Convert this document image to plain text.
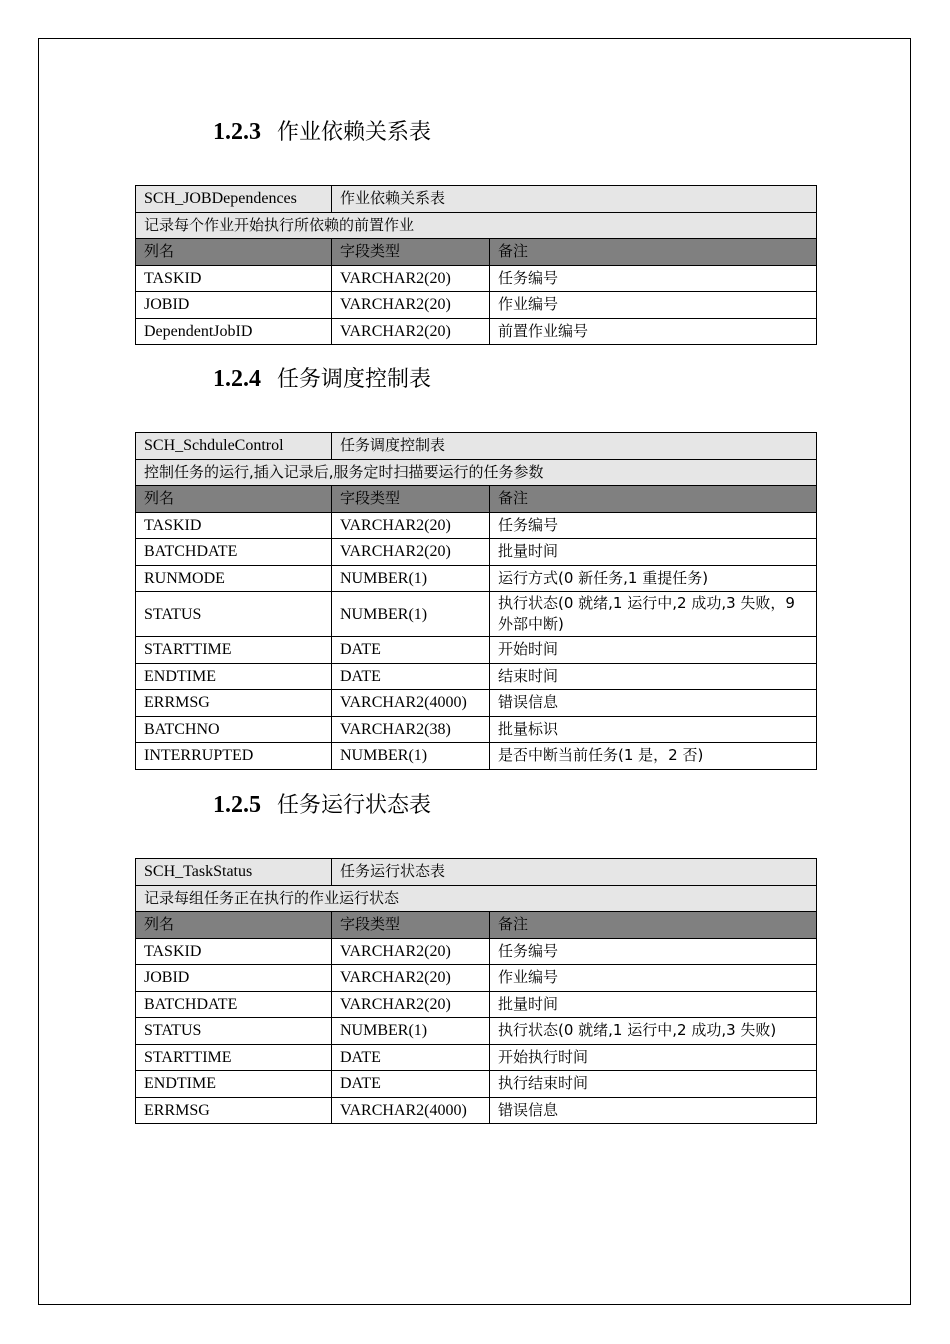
1.2.3 作业依赖关系表
SCH_JOBDependences	作业依赖关系表	
记录每个作业开始执行所依赖的前置作业		
列名	字段类型	备注
TASKID	VARCHAR2(20)	任务编号
JOBID	VARCHAR2(20)	作业编号
DependentJobID	VARCHAR2(20)	前置作业编号
1.2.4 任务调度控制表
SCH_SchduleControl	任务调度控制表	
控制任务的运行,插入记录后,服务定时扫描要运行的任务参数		
列名	字段类型	备注
TASKID	VARCHAR2(20)	任务编号
BATCHDATE	VARCHAR2(20)	批量时间
RUNMODE	NUMBER(1)	运行方式(0 新任务,1 重提任务)
STATUS	NUMBER(1)	执行状态(0 就绪,1 运行中,2 成功,3 失败，9 外部中断)
STARTTIME	DATE	开始时间
ENDTIME	DATE	结束时间
ERRMSG	VARCHAR2(4000)	错误信息
BATCHNO	VARCHAR2(38)	批量标识
INTERRUPTED	NUMBER(1)	是否中断当前任务(1 是，2 否)
1.2.5 任务运行状态表
SCH_TaskStatus	任务运行状态表	
记录每组任务正在执行的作业运行状态		
列名	字段类型	备注
TASKID	VARCHAR2(20)	任务编号
JOBID	VARCHAR2(20)	作业编号
BATCHDATE	VARCHAR2(20)	批量时间
STATUS	NUMBER(1)	执行状态(0 就绪,1 运行中,2 成功,3 失败)
STARTTIME	DATE	开始执行时间
ENDTIME	DATE	执行结束时间
ERRMSG	VARCHAR2(4000)	错误信息
